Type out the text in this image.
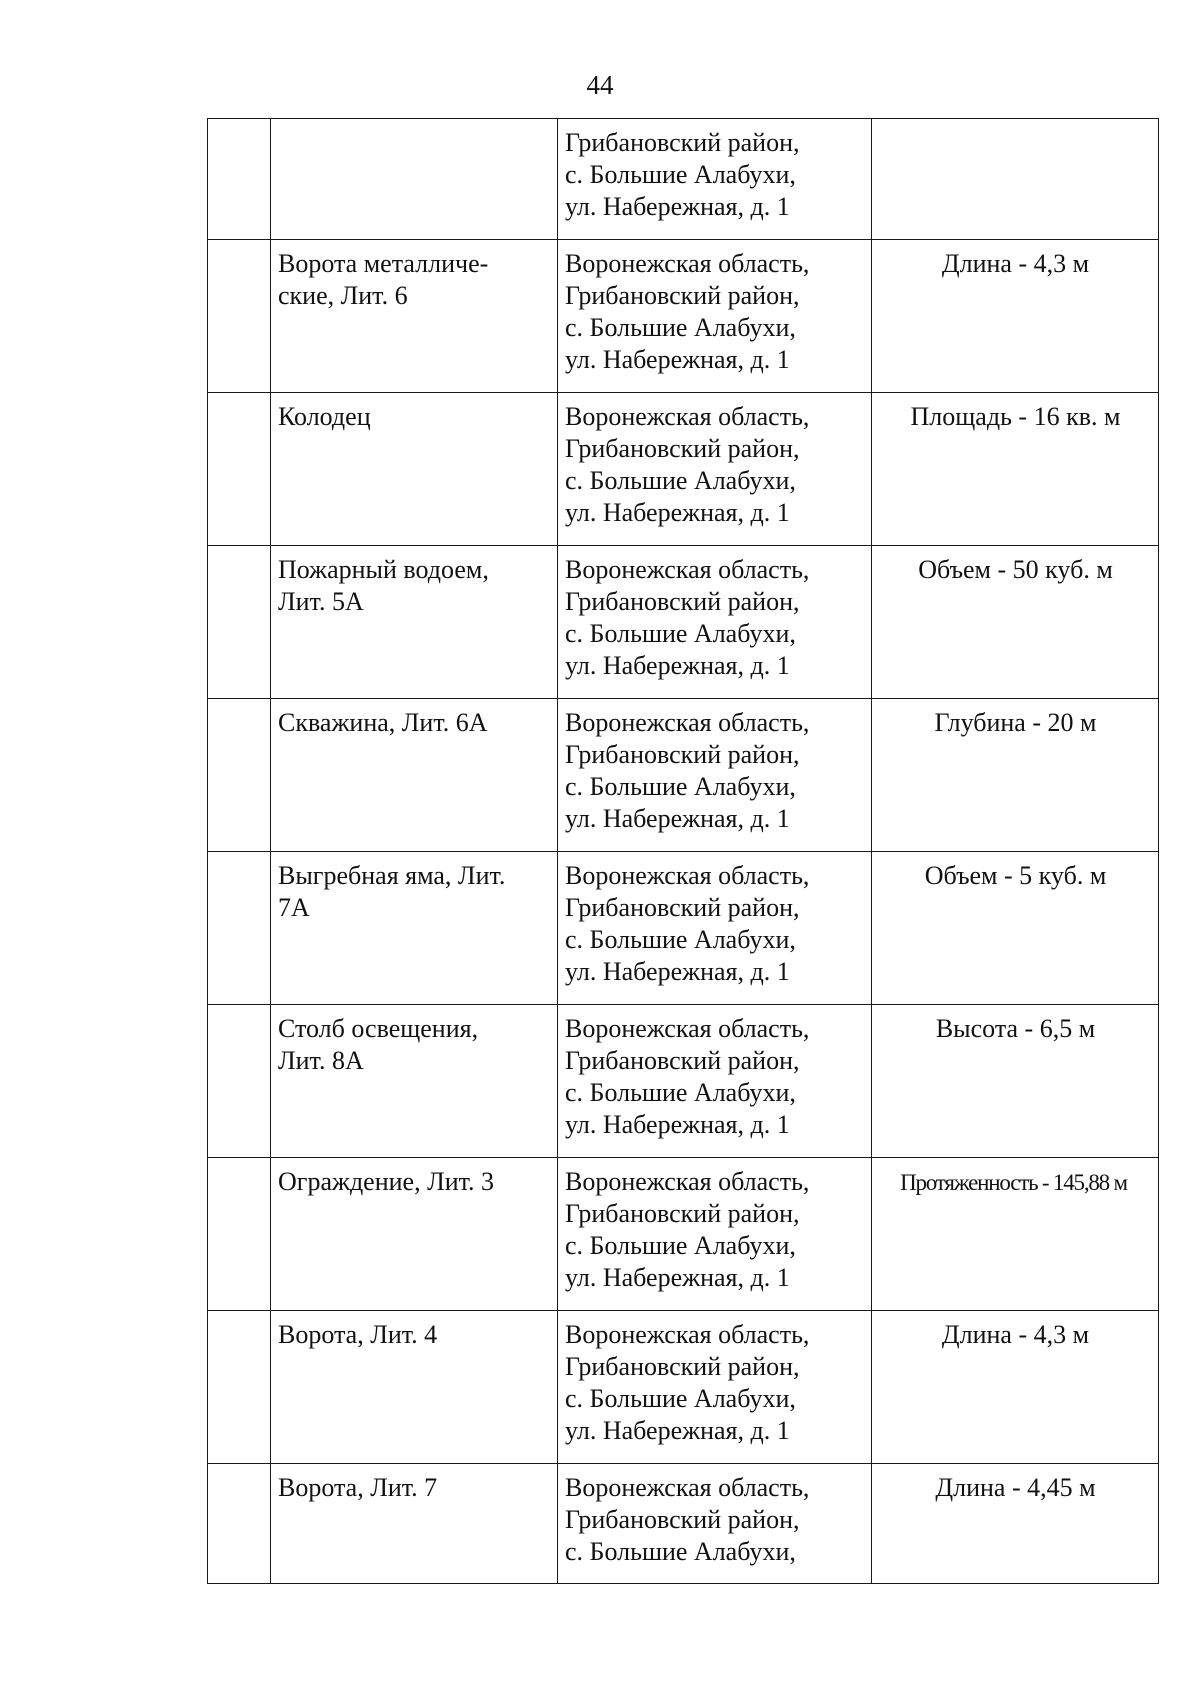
44

		Грибановский район,
с. Большие Алабухи,
ул. Набережная, д. 1	

	Ворота металличе-
ские, Лит. 6	Воронежская область,
Грибановский район,
с. Большие Алабухи,
ул. Набережная, д. 1	Длина - 4,3 м

	Колодец	Воронежская область,
Грибановский район,
с. Большие Алабухи,
ул. Набережная, д. 1	Площадь - 16 кв. м

	Пожарный водоем,
Лит. 5А	Воронежская область,
Грибановский район,
с. Большие Алабухи,
ул. Набережная, д. 1	Объем - 50 куб. м

	Скважина, Лит. 6А	Воронежская область,
Грибановский район,
с. Большие Алабухи,
ул. Набережная, д. 1	Глубина - 20 м

	Выгребная яма, Лит.
7А	Воронежская область,
Грибановский район,
с. Большие Алабухи,
ул. Набережная, д. 1	Объем - 5 куб. м

	Столб освещения,
Лит. 8А	Воронежская область,
Грибановский район,
с. Большие Алабухи,
ул. Набережная, д. 1	Высота - 6,5 м

	Ограждение, Лит. 3	Воронежская область,
Грибановский район,
с. Большие Алабухи,
ул. Набережная, д. 1	Протяженность - 145,88 м

	Ворота, Лит. 4	Воронежская область,
Грибановский район,
с. Большие Алабухи,
ул. Набережная, д. 1	Длина - 4,3 м

	Ворота, Лит. 7	Воронежская область,
Грибановский район,
с. Большие Алабухи,	Длина - 4,45 м
